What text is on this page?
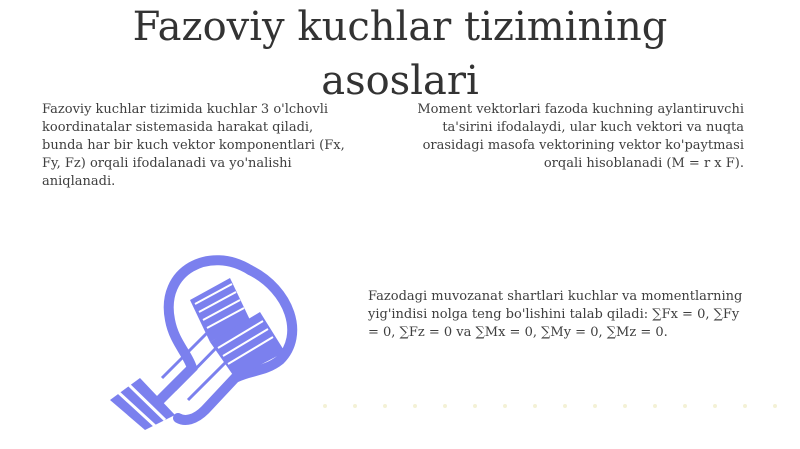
Fazoviy kuchlar tizimining asoslari

Fazoviy kuchlar tizimida kuchlar 3 o'lchovli koordinatalar sistemasida harakat qiladi, bunda har bir kuch vektor komponentlari (Fx, Fy, Fz) orqali ifodalanadi va yo'nalishi aniqlanadi.

Moment vektorlari fazoda kuchning aylantiruvchi ta'sirini ifodalaydi, ular kuch vektori va nuqta orasidagi masofa vektorining vektor ko'paytmasi orqali hisoblanadi (M = r x F).

Fazodagi muvozanat shartlari kuchlar va momentlarning yig'indisi nolga teng bo'lishini talab qiladi: ∑Fx = 0, ∑Fy = 0, ∑Fz = 0 va ∑Mx = 0, ∑My = 0, ∑Mz = 0.
